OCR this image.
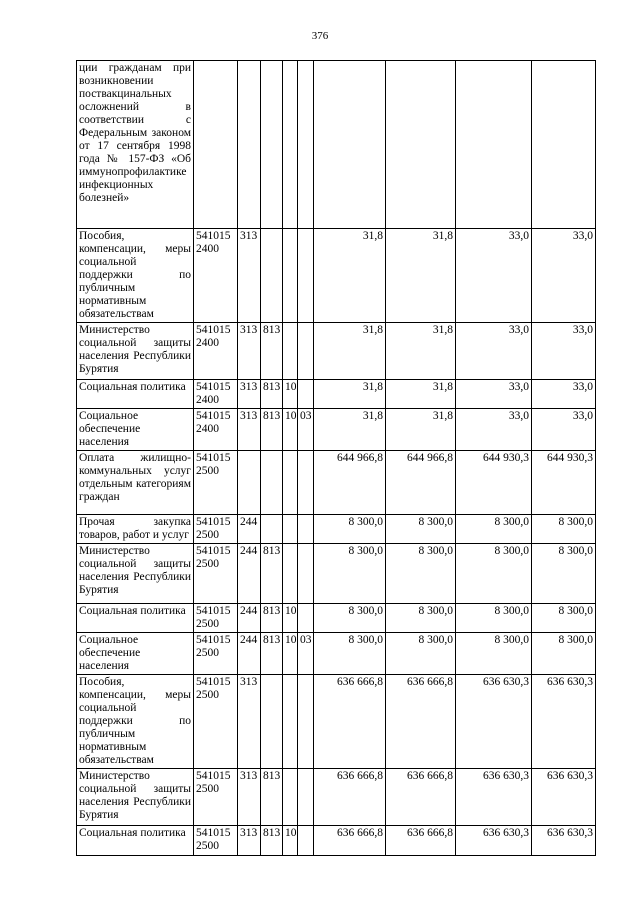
376
ции гражданам при возникновении поствакцинальных осложнений в соответствии с Федеральным законом от 17 сентября 1998 года № 157-ФЗ «Об иммунопрофилактике инфекционных болезней»									
Пособия, компенсации, меры социальной поддержки по публичным нормативным обязательствам	541015 2400	313				31,8	31,8	33,0	33,0
Министерство социальной защиты населения Республики Бурятия	541015 2400	313	813			31,8	31,8	33,0	33,0
Социальная политика	541015 2400	313	813	10		31,8	31,8	33,0	33,0
Социальное обеспечение населения	541015 2400	313	813	10	03	31,8	31,8	33,0	33,0
Оплата жилищно-коммунальных услуг отдельным категориям граждан	541015 2500					644 966,8	644 966,8	644 930,3	644 930,3
Прочая закупка товаров, работ и услуг	541015 2500	244				8 300,0	8 300,0	8 300,0	8 300,0
Министерство социальной защиты населения Республики Бурятия	541015 2500	244	813			8 300,0	8 300,0	8 300,0	8 300,0
Социальная политика	541015 2500	244	813	10		8 300,0	8 300,0	8 300,0	8 300,0
Социальное обеспечение населения	541015 2500	244	813	10	03	8 300,0	8 300,0	8 300,0	8 300,0
Пособия, компенсации, меры социальной поддержки по публичным нормативным обязательствам	541015 2500	313				636 666,8	636 666,8	636 630,3	636 630,3
Министерство социальной защиты населения Республики Бурятия	541015 2500	313	813			636 666,8	636 666,8	636 630,3	636 630,3
Социальная политика	541015 2500	313	813	10		636 666,8	636 666,8	636 630,3	636 630,3
